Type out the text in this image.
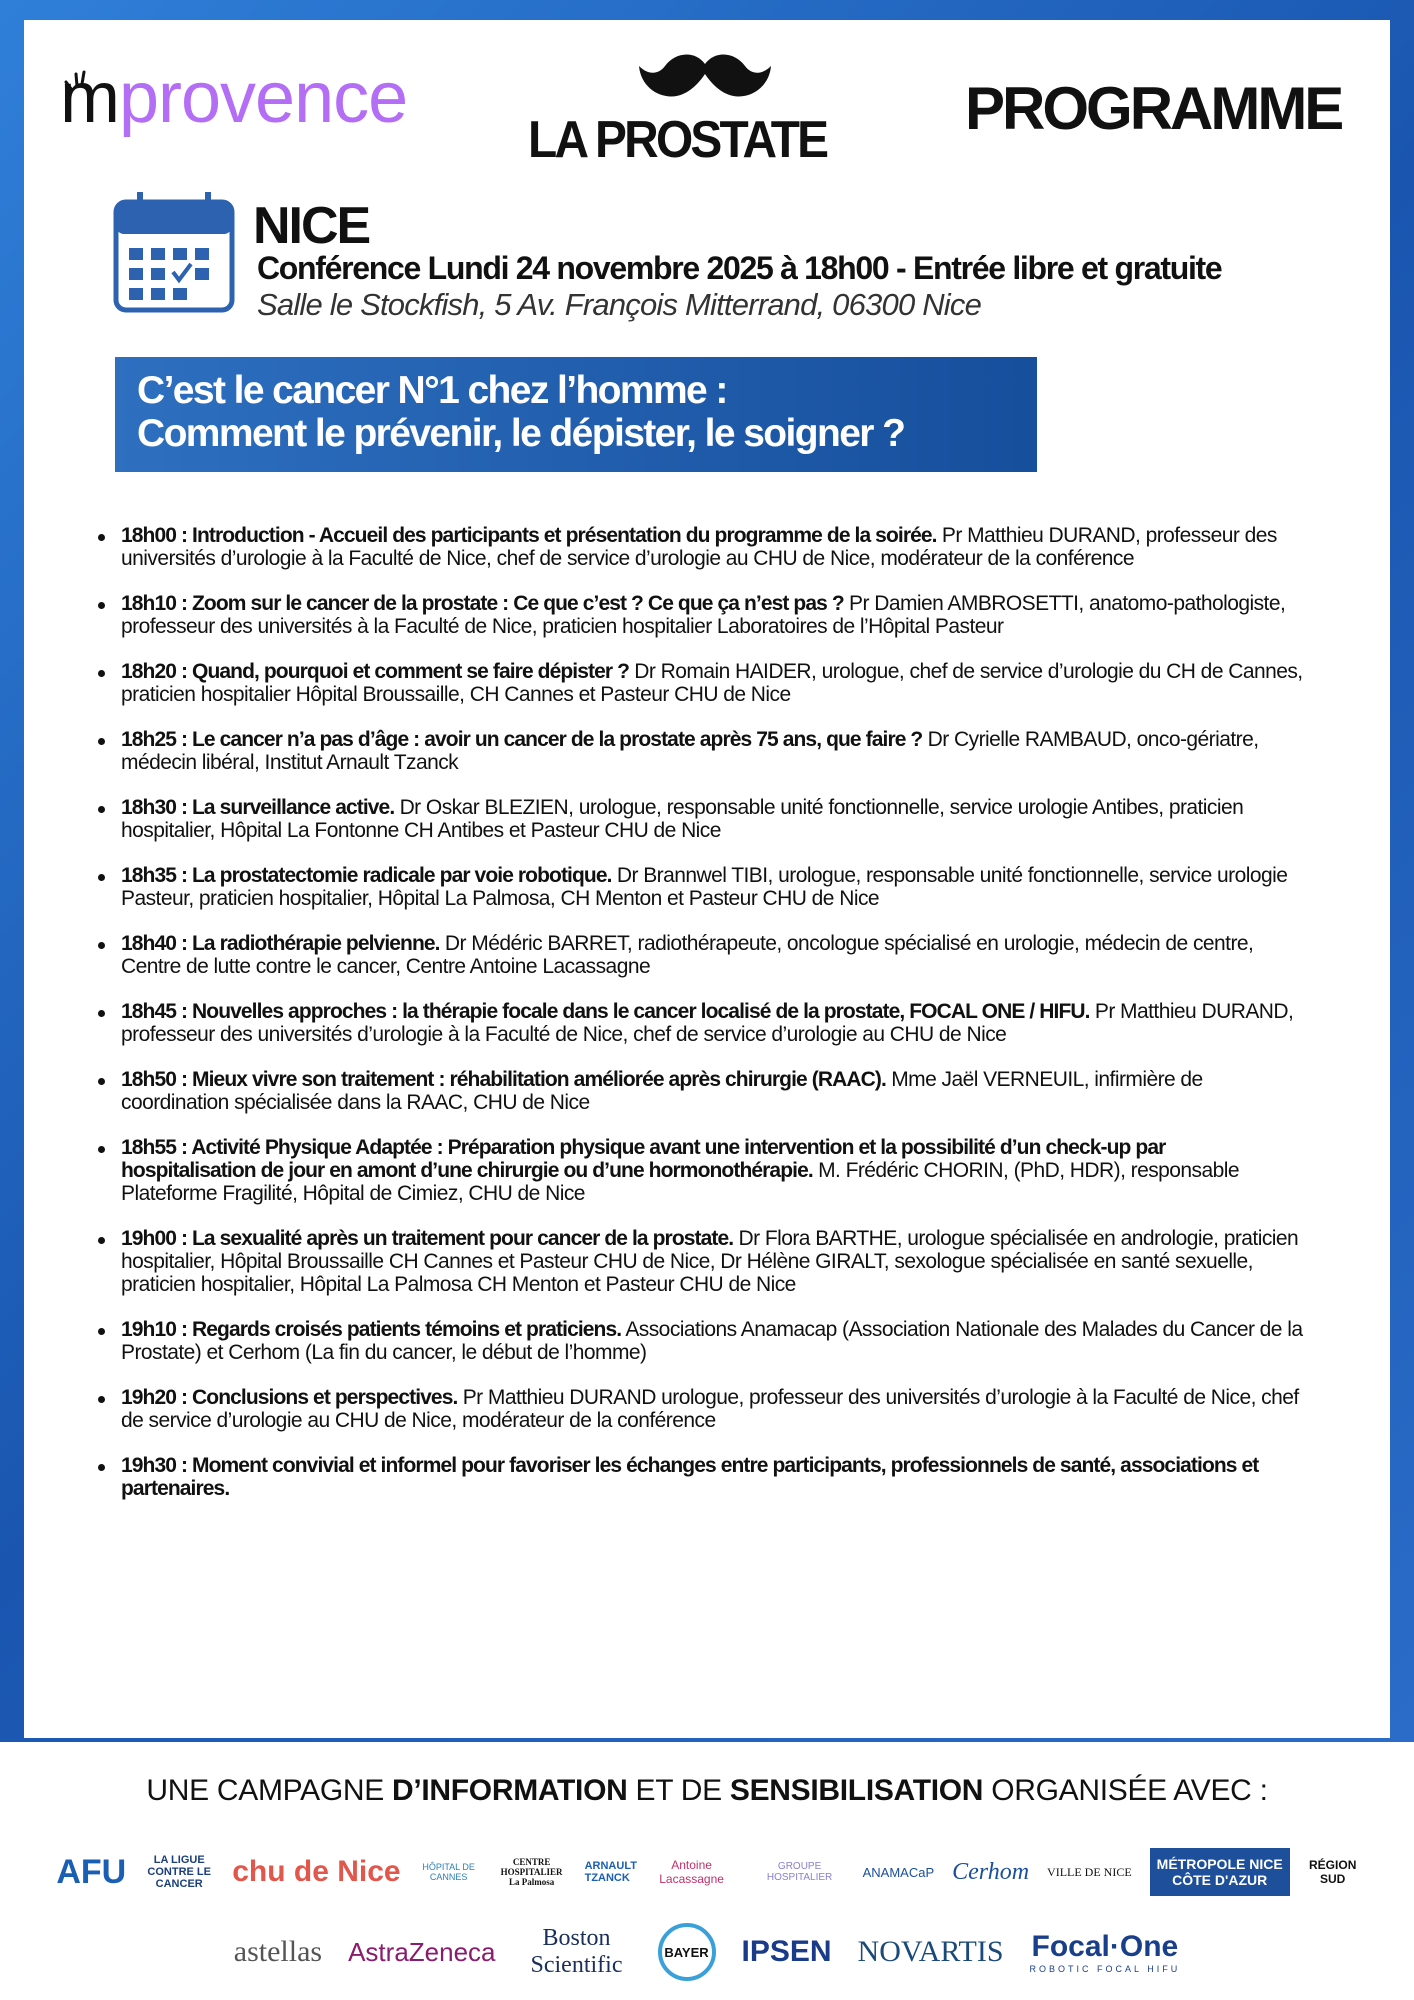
mprovence
LA PROSTATE PROGRAMME
NICE
Conférence Lundi 24 novembre 2025 à 18h00 - Entrée libre et gratuite
Salle le Stockfish, 5 Av. François Mitterrand, 06300 Nice
C’est le cancer N°1 chez l’homme :
Comment le prévenir, le dépister, le soigner ?
18h00 : Introduction - Accueil des participants et présentation du programme de la soirée. Pr Matthieu DURAND, professeur des universités d’urologie à la Faculté de Nice, chef de service d’urologie au CHU de Nice, modérateur de la conférence
18h10 : Zoom sur le cancer de la prostate : Ce que c’est ? Ce que ça n’est pas ? Pr Damien AMBROSETTI, anatomo-pathologiste, professeur des universités à la Faculté de Nice, praticien hospitalier Laboratoires de l’Hôpital Pasteur
18h20 : Quand, pourquoi et comment se faire dépister ? Dr Romain HAIDER, urologue, chef de service d’urologie du CH de Cannes, praticien hospitalier Hôpital Broussaille, CH Cannes et Pasteur CHU de Nice
18h25 : Le cancer n’a pas d’âge : avoir un cancer de la prostate après 75 ans, que faire ? Dr Cyrielle RAMBAUD, onco-gériatre, médecin libéral, Institut Arnault Tzanck
18h30 : La surveillance active. Dr Oskar BLEZIEN, urologue, responsable unité fonctionnelle, service urologie Antibes, praticien hospitalier, Hôpital La Fontonne CH Antibes et Pasteur CHU de Nice
18h35 : La prostatectomie radicale par voie robotique. Dr Brannwel TIBI, urologue, responsable unité fonctionnelle, service urologie Pasteur, praticien hospitalier, Hôpital La Palmosa, CH Menton et Pasteur CHU de Nice
18h40 : La radiothérapie pelvienne. Dr Médéric BARRET, radiothérapeute, oncologue spécialisé en urologie, médecin de centre, Centre de lutte contre le cancer, Centre Antoine Lacassagne
18h45 : Nouvelles approches : la thérapie focale dans le cancer localisé de la prostate, FOCAL ONE / HIFU. Pr Matthieu DURAND, professeur des universités d’urologie à la Faculté de Nice, chef de service d’urologie au CHU de Nice
18h50 : Mieux vivre son traitement : réhabilitation améliorée après chirurgie (RAAC). Mme Jaël VERNEUIL, infirmière de coordination spécialisée dans la RAAC, CHU de Nice
18h55 : Activité Physique Adaptée : Préparation physique avant une intervention et la possibilité d’un check-up par hospitalisation de jour en amont d’une chirurgie ou d’une hormonothérapie. M. Frédéric CHORIN, (PhD, HDR), responsable Plateforme Fragilité, Hôpital de Cimiez, CHU de Nice
19h00 : La sexualité après un traitement pour cancer de la prostate. Dr Flora BARTHE, urologue spécialisée en andrologie, praticien hospitalier, Hôpital Broussaille CH Cannes et Pasteur CHU de Nice, Dr Hélène GIRALT, sexologue spécialisée en santé sexuelle, praticien hospitalier, Hôpital La Palmosa CH Menton et Pasteur CHU de Nice
19h10 : Regards croisés patients témoins et praticiens. Associations Anamacap (Association Nationale des Malades du Cancer de la Prostate) et Cerhom (La fin du cancer, le début de l’homme)
19h20 : Conclusions et perspectives. Pr Matthieu DURAND urologue, professeur des universités d’urologie à la Faculté de Nice, chef de service d’urologie au CHU de Nice, modérateur de la conférence
19h30 : Moment convivial et informel pour favoriser les échanges entre participants, professionnels de santé, associations et partenaires.
UNE CAMPAGNE D’INFORMATION ET DE SENSIBILISATION ORGANISÉE AVEC :
AFU	LA LIGUE CONTRE LE CANCER chu de Nice	HÔPITAL DE CANNES
CENTRE HOSPITALIER La Palmosa
ARNAULT TZANCK
Antoine Lacassagne
GROUPE HOSPITALIER	ANAMACaP Cerhom VILLE DE NICE	MÉTROPOLE NICE CÔTE D'AZUR
RÉGION SUD
astellas AstraZeneca	Boston Scientific	BAYER IPSEN NOVARTIS Focal·One
ROBOTIC FOCAL HIFU
